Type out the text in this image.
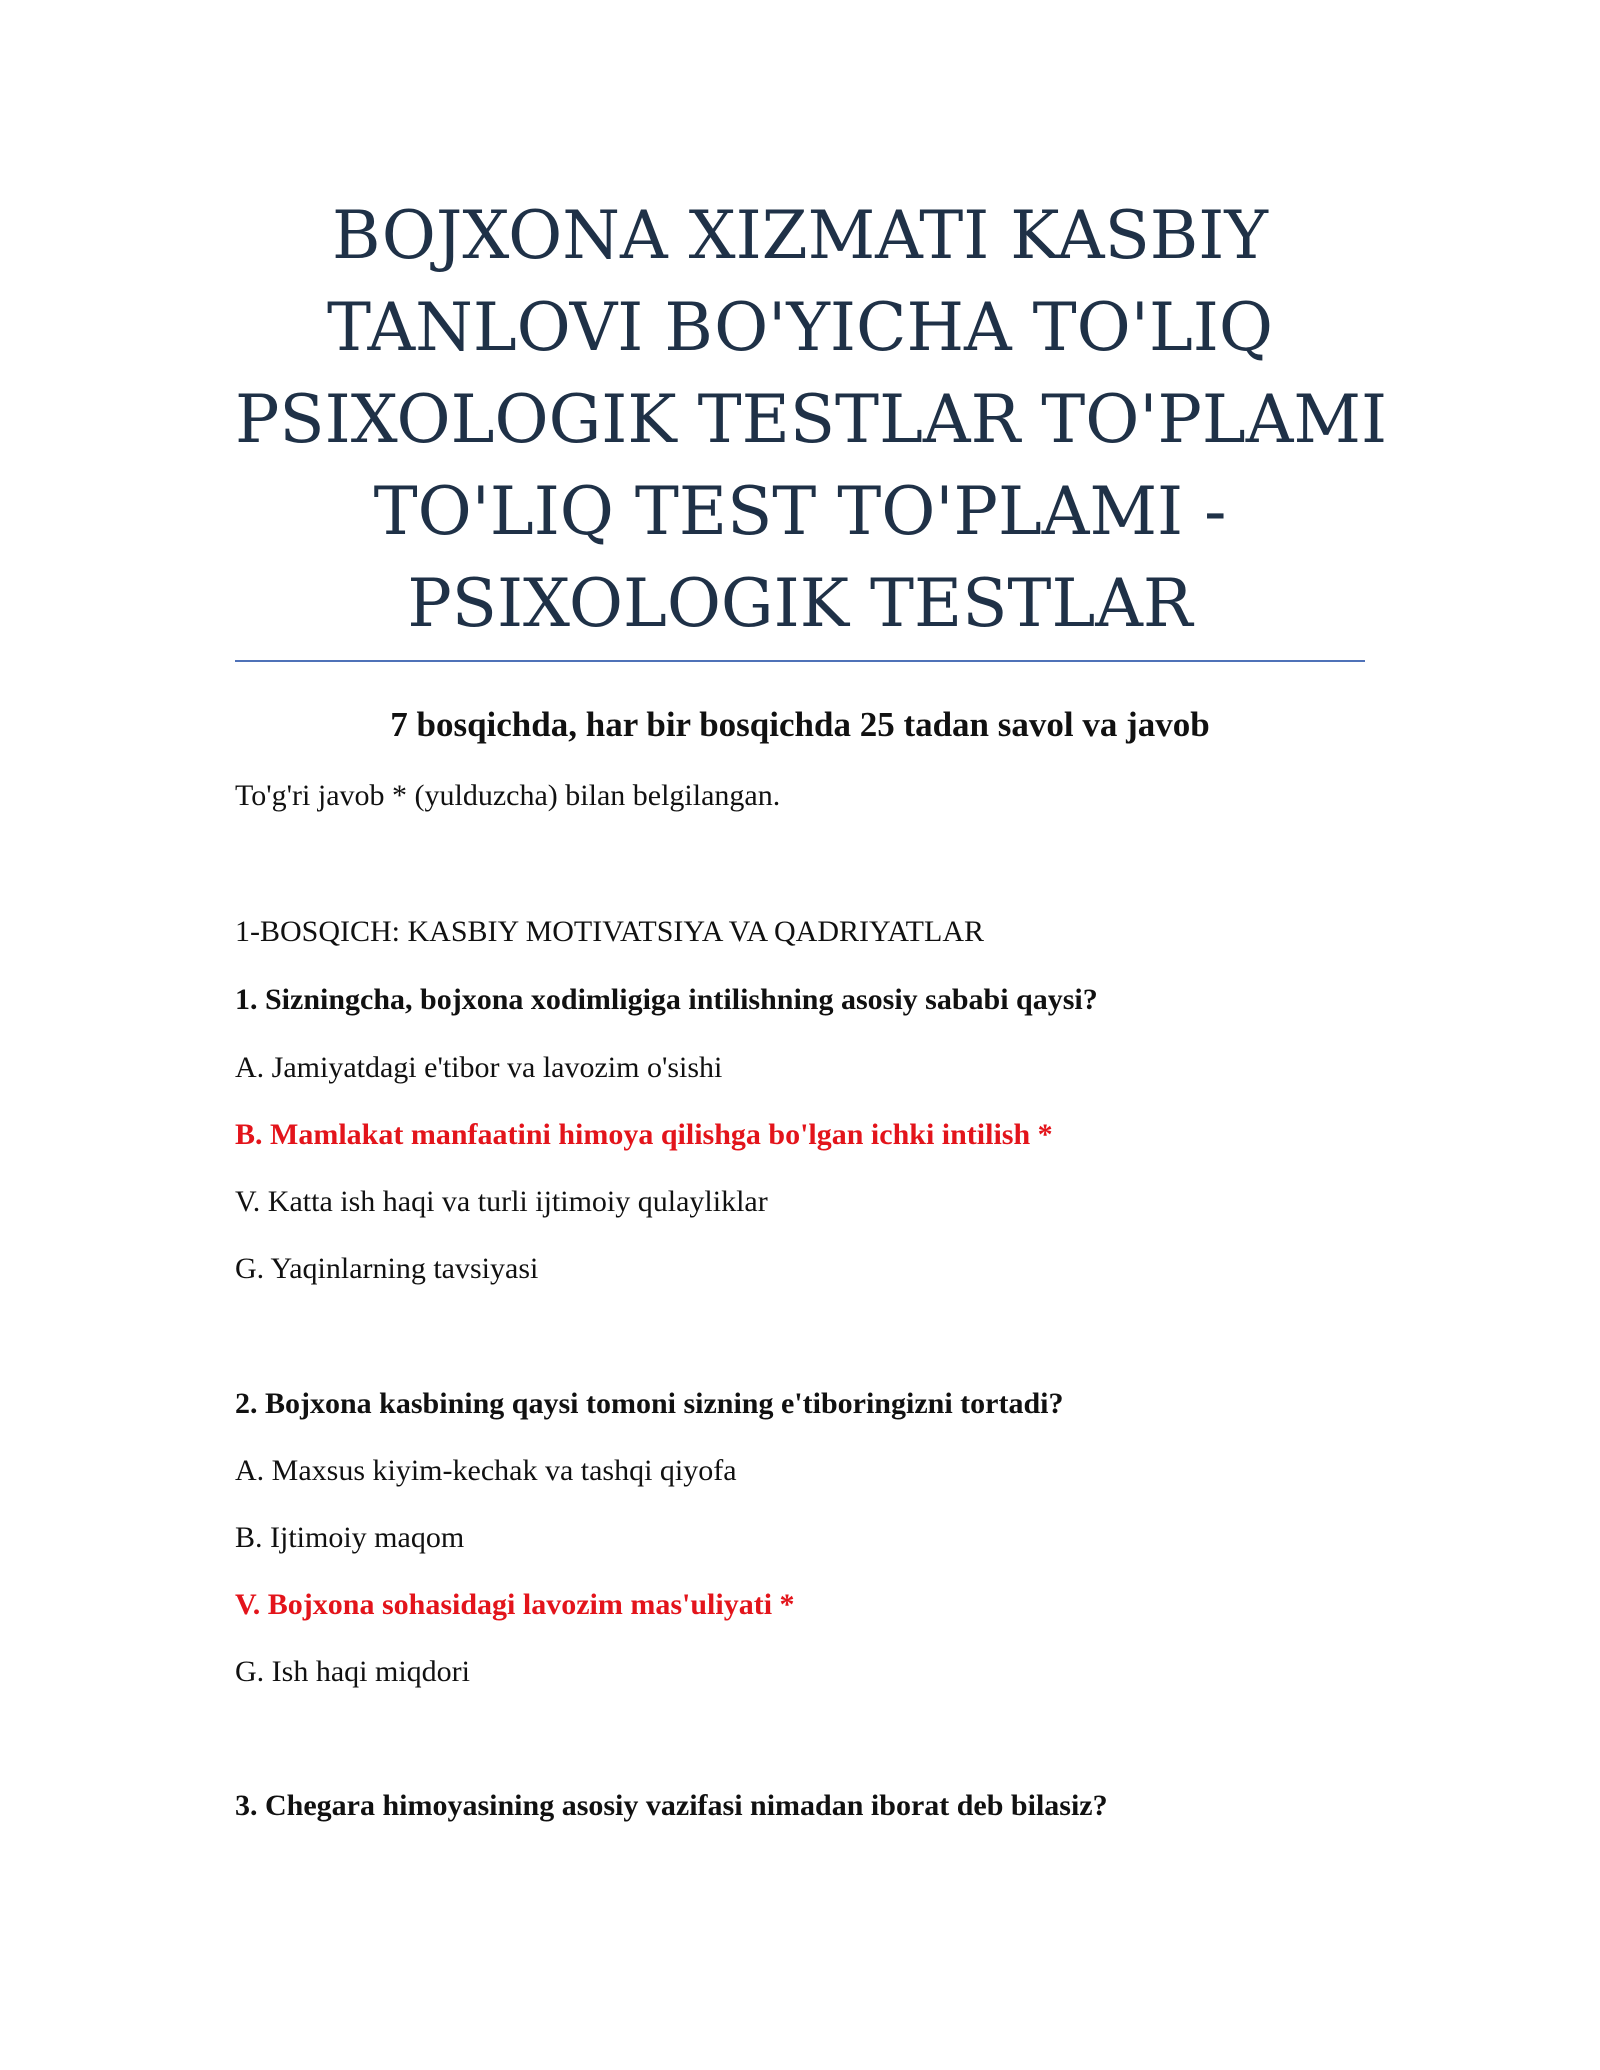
BOJXONA XIZMATI KASBIY
TANLOVI BO'YICHA TO'LIQ
PSIXOLOGIK TESTLAR TO'PLAMI
TO'LIQ TEST TO'PLAMI -
PSIXOLOGIK TESTLAR
7 bosqichda, har bir bosqichda 25 tadan savol va javob
To'g'ri javob * (yulduzcha) bilan belgilangan.
1-BOSQICH: KASBIY MOTIVATSIYA VA QADRIYATLAR
1. Sizningcha, bojxona xodimligiga intilishning asosiy sababi qaysi?
A. Jamiyatdagi e'tibor va lavozim o'sishi
B. Mamlakat manfaatini himoya qilishga bo'lgan ichki intilish *
V. Katta ish haqi va turli ijtimoiy qulayliklar
G. Yaqinlarning tavsiyasi
2. Bojxona kasbining qaysi tomoni sizning e'tiboringizni tortadi?
A. Maxsus kiyim-kechak va tashqi qiyofa
B. Ijtimoiy maqom
V. Bojxona sohasidagi lavozim mas'uliyati *
G. Ish haqi miqdori
3. Chegara himoyasining asosiy vazifasi nimadan iborat deb bilasiz?
